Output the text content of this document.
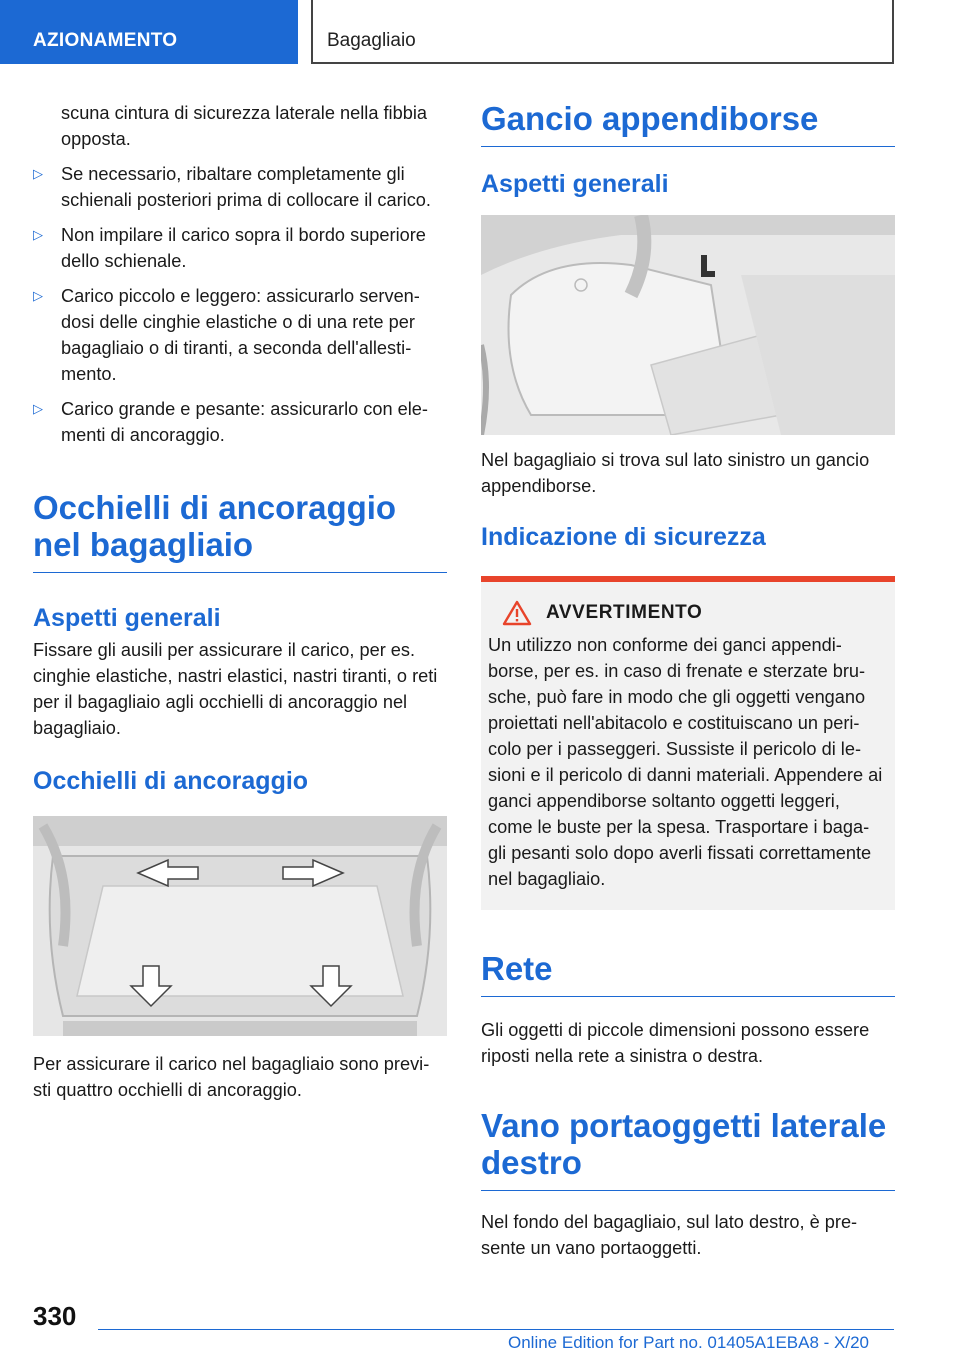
AZIONAMENTO	Bagagliaio

scuna cintura di sicurezza laterale nella fibbia opposta.

▷ Se necessario, ribaltare completamente gli schienali posteriori prima di collocare il carico.
▷ Non impilare il carico sopra il bordo superiore dello schienale.
▷ Carico piccolo e leggero: assicurarlo serven-dosi delle cinghie elastiche o di una rete per bagagliaio o di tiranti, a seconda dell'allesti-mento.
▷ Carico grande e pesante: assicurarlo con ele-menti di ancoraggio.
Occhielli di ancoraggio nel bagagliaio
Aspetti generali

Fissare gli ausili per assicurare il carico, per es. cinghie elastiche, nastri elastici, nastri tiranti, o reti per il bagagliaio agli occhielli di ancoraggio nel bagagliaio.

Occhielli di ancoraggio

Per assicurare il carico nel bagagliaio sono previ-sti quattro occhielli di ancoraggio.

Gancio appendiborse
Aspetti generali

Nel bagagliaio si trova sul lato sinistro un gancio appendiborse.

Indicazione di sicurezza
AVVERTIMENTO

Un utilizzo non conforme dei ganci appendi-borse, per es. in caso di frenate e sterzate bru-sche, può fare in modo che gli oggetti vengano proiettati nell'abitacolo e costituiscano un peri-colo per i passeggeri. Sussiste il pericolo di le-sioni e il pericolo di danni materiali. Appendere ai ganci appendiborse soltanto oggetti leggeri, come le buste per la spesa. Trasportare i baga-gli pesanti solo dopo averli fissati correttamente nel bagagliaio.

Rete

Gli oggetti di piccole dimensioni possono essere riposti nella rete a sinistra o destra.

Vano portaoggetti laterale destro

Nel fondo del bagagliaio, sul lato destro, è pre-sente un vano portaoggetti.

330
Online Edition for Part no. 01405A1EBA8 - X/20
